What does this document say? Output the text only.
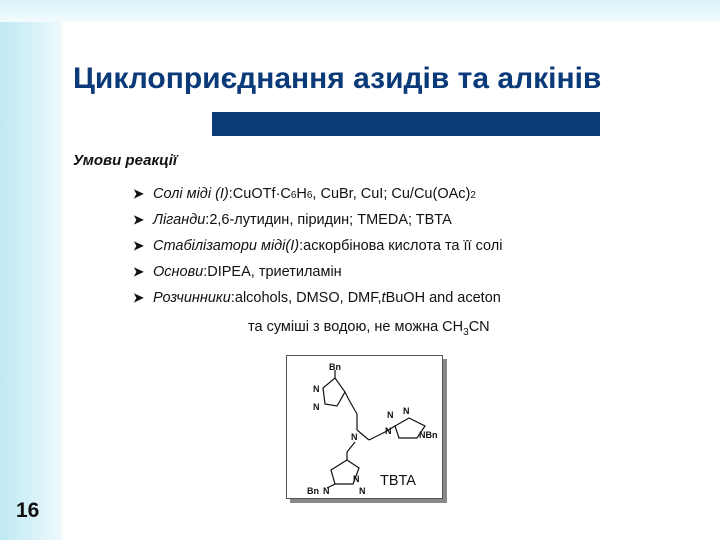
Циклоприєднання азидів та алкінів
Умови реакції
➤ Солі міді (I) : Cu OTf·C 6 H 6 , CuBr, CuI; Cu/Cu(OAc) 2
➤ Ліганди : 2,6-лутидин, піридин; TMEDA; TBTA
➤ Стабілізатори міді(I) : аскорбінова кислота та її солі
➤ Основи : DIPEA, триетиламін
➤ Розчинники : alcohols, DMSO, DMF, t BuOH and aceton
та суміші з водою, не можна $CH_3CN$
Bn
N
N
N
N N
N	NBn
Bn N
N
N
TBTA
16
